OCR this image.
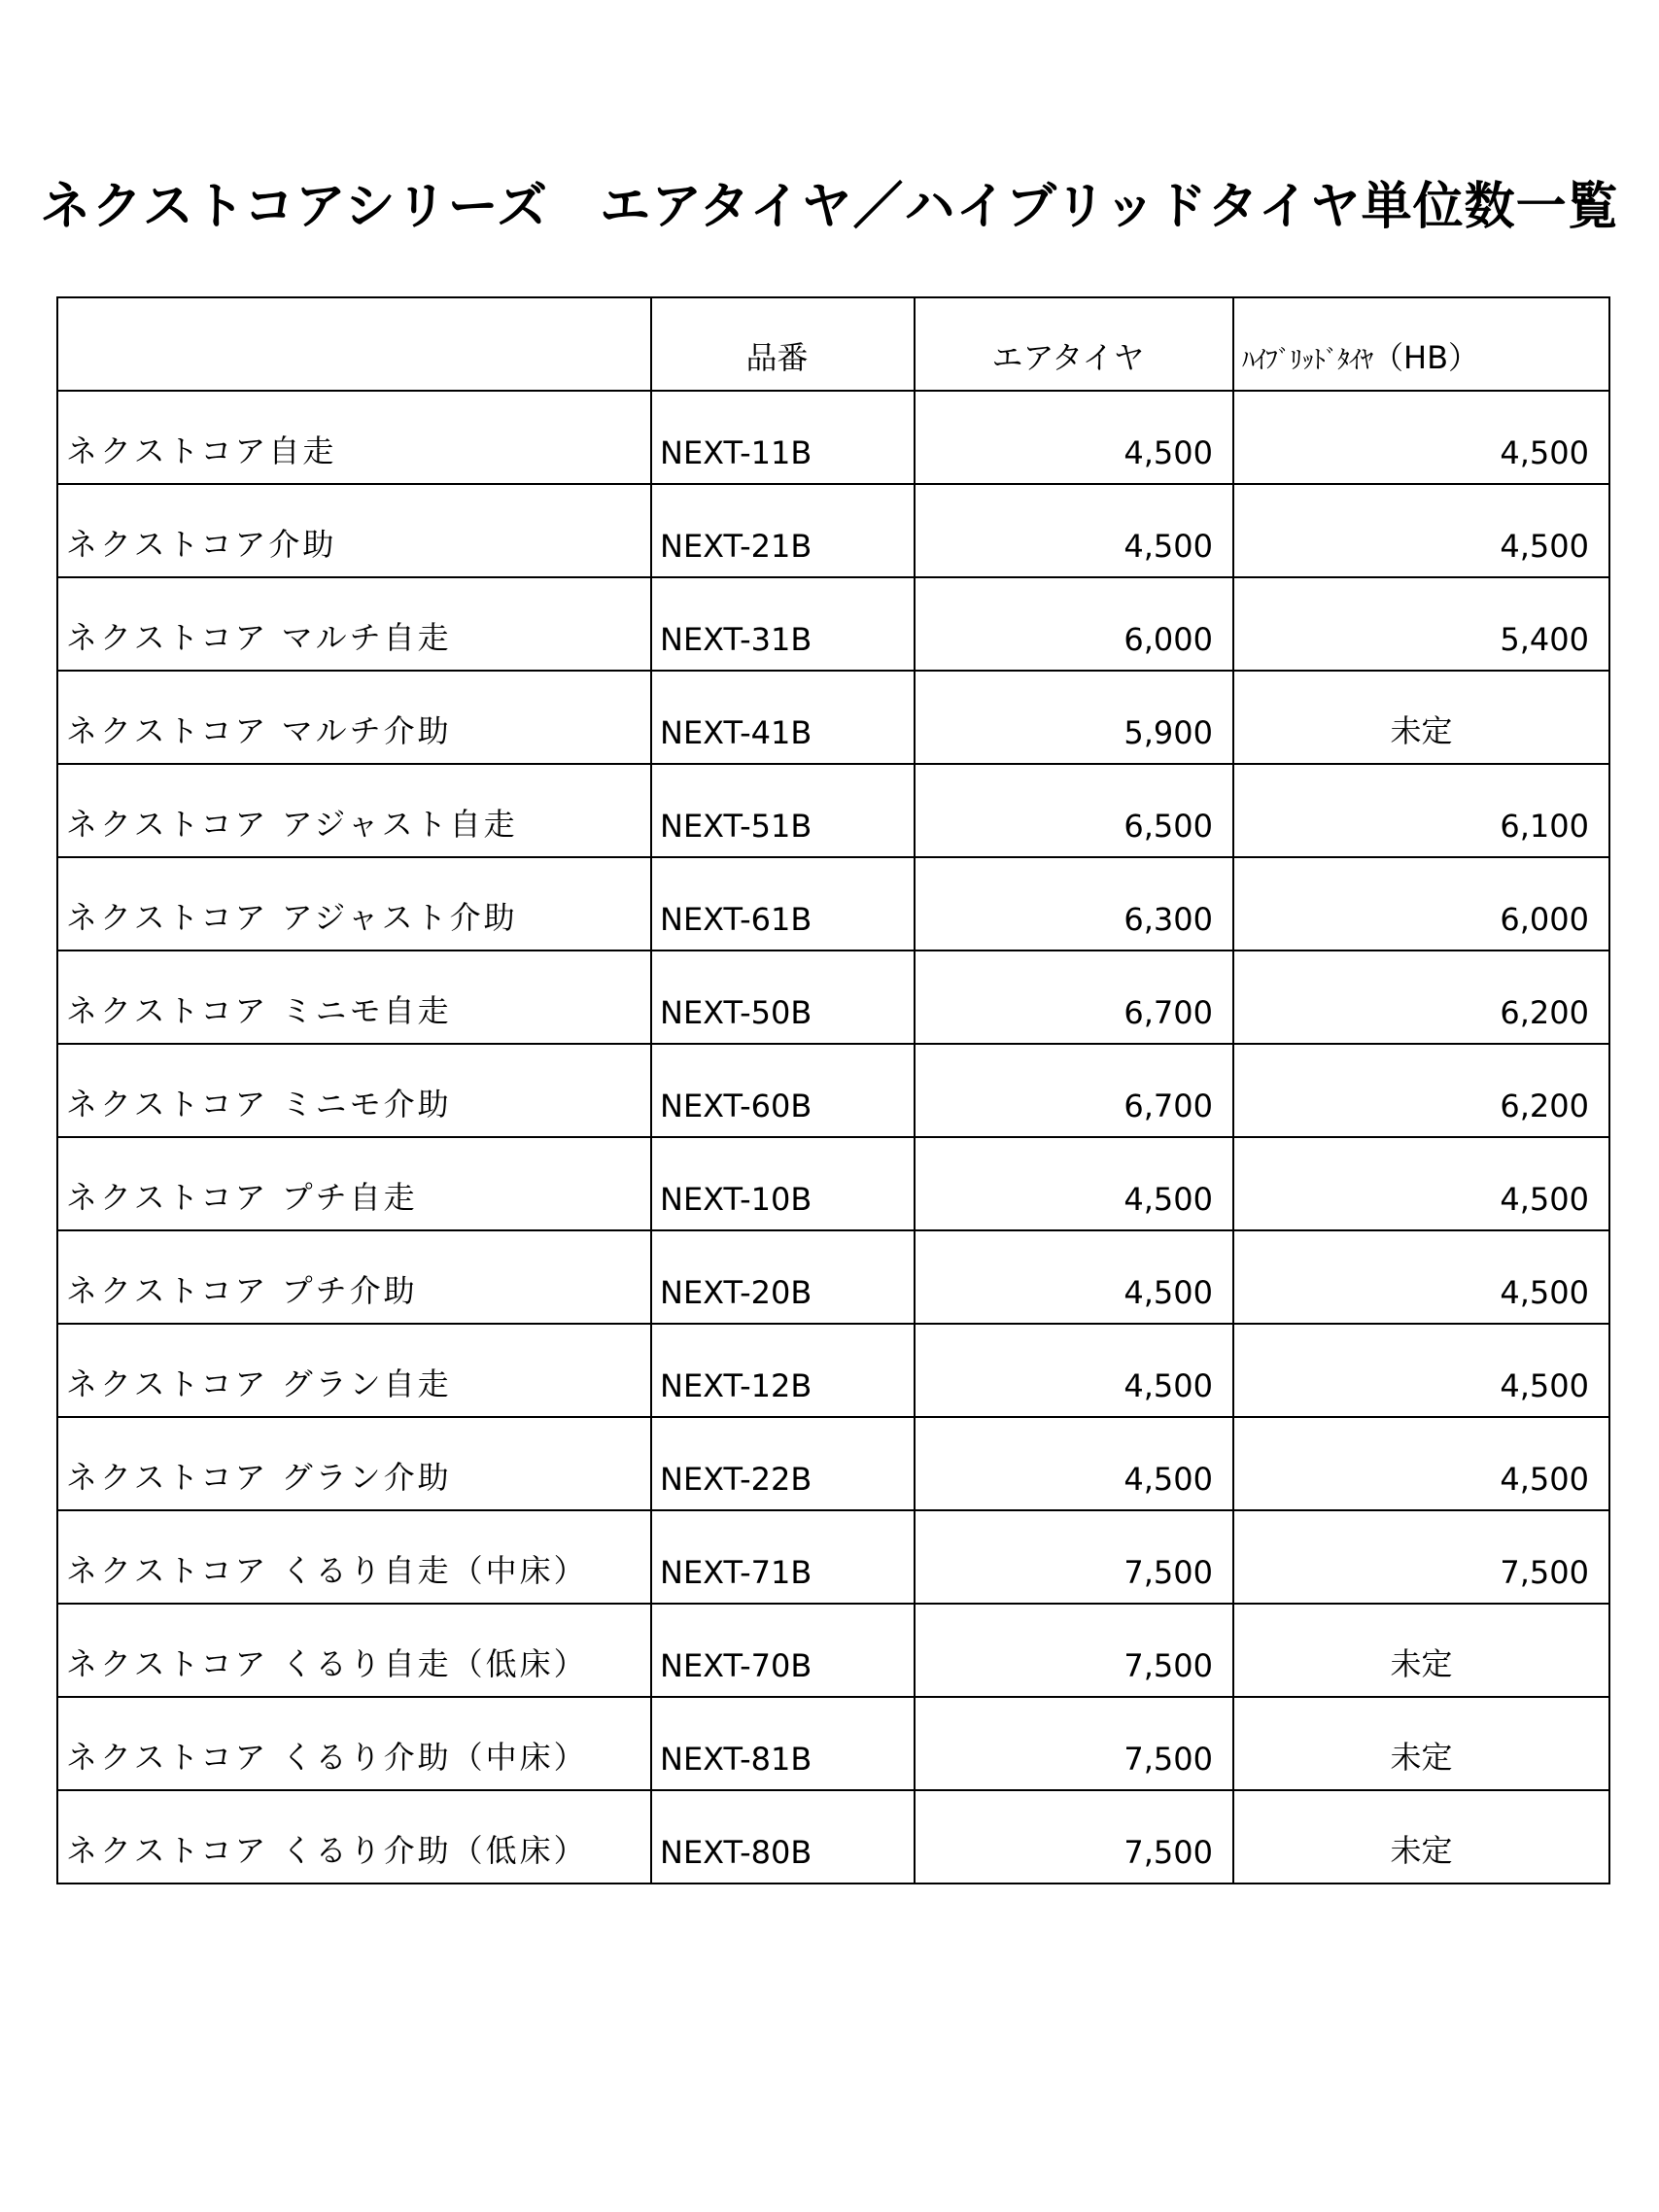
ネクストコアシリーズ　エアタイヤ／ハイブリッドタイヤ単位数一覧
	品番	エアタイヤ	ﾊｲﾌﾞﾘｯﾄﾞﾀｲﾔ（HB）
ネクストコア自走	NEXT-11B	4,500	4,500
ネクストコア介助	NEXT-21B	4,500	4,500
ネクストコア マルチ自走	NEXT-31B	6,000	5,400
ネクストコア マルチ介助	NEXT-41B	5,900	未定
ネクストコア アジャスト自走	NEXT-51B	6,500	6,100
ネクストコア アジャスト介助	NEXT-61B	6,300	6,000
ネクストコア ミニモ自走	NEXT-50B	6,700	6,200
ネクストコア ミニモ介助	NEXT-60B	6,700	6,200
ネクストコア プチ自走	NEXT-10B	4,500	4,500
ネクストコア プチ介助	NEXT-20B	4,500	4,500
ネクストコア グラン自走	NEXT-12B	4,500	4,500
ネクストコア グラン介助	NEXT-22B	4,500	4,500
ネクストコア くるり自走（中床）	NEXT-71B	7,500	7,500
ネクストコア くるり自走（低床）	NEXT-70B	7,500	未定
ネクストコア くるり介助（中床）	NEXT-81B	7,500	未定
ネクストコア くるり介助（低床）	NEXT-80B	7,500	未定
